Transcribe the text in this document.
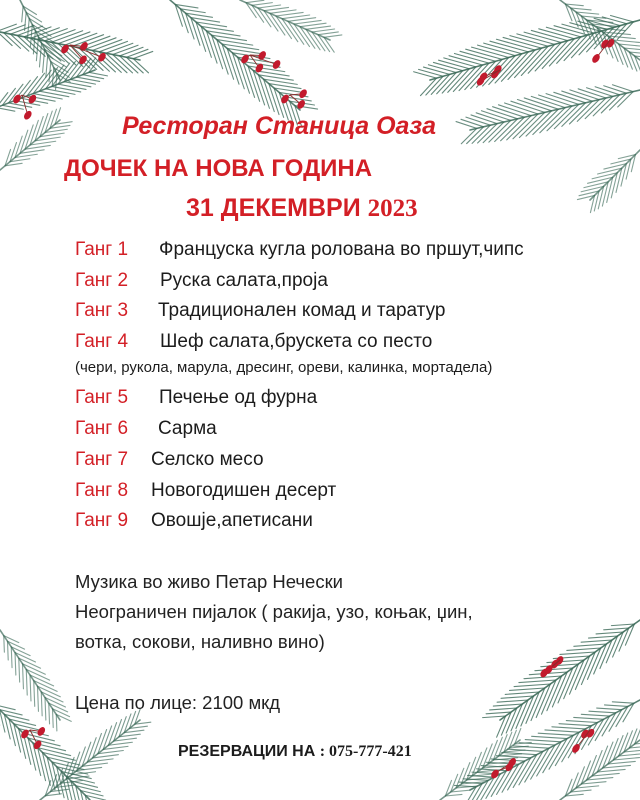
Ресторан Станица Оаза
ДОЧЕК НА НОВА ГОДИНА
31 ДЕКЕМВРИ 2023
Ганг 1 Француска кугла ролована во пршут,чипс
Ганг 2 Руска салата,проја
Ганг 3 Традиционален комад и таратур
Ганг 4 Шеф салата,брускета со песто
(чери, рукола, марула, дресинг, ореви, калинка, мортадела)
Ганг 5 Печење од фурна
Ганг 6 Сарма
Ганг 7 Селско месо
Ганг 8 Новогодишен десерт
Ганг 9 Овошје,апетисани
Музика во живо Петар Нечески
Неограничен пијалок ( ракија, узо, коњак, џин,
вотка, сокови, наливно вино)
Цена по лице: 2100 мкд
РЕЗЕРВАЦИИ НА : 075-777-421
